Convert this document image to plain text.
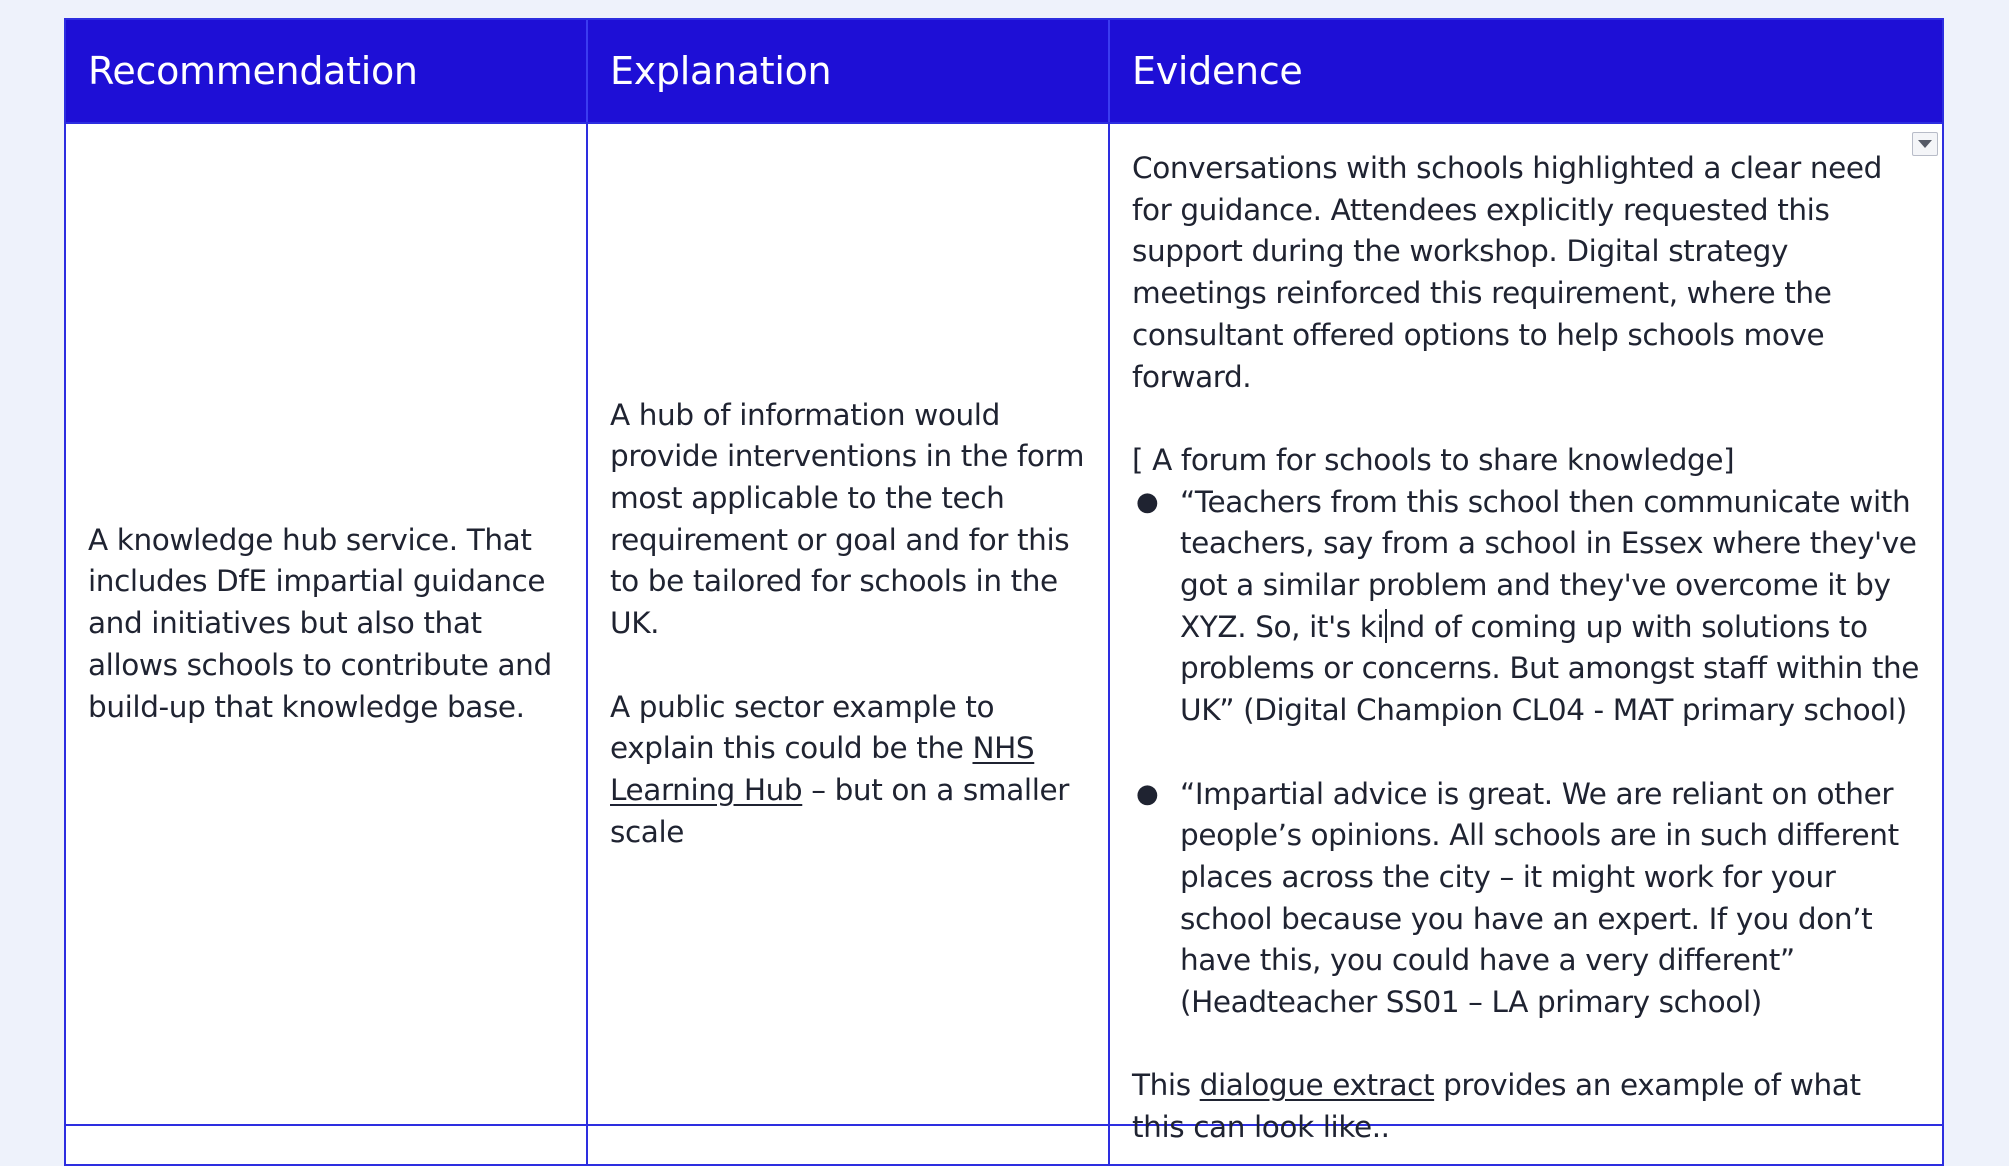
Recommendation	Explanation	Evidence

A knowledge hub service. That includes DfE impartial guidance and initiatives but also that allows schools to contribute and build-up that knowledge base.

A hub of information would provide interventions in the form most applicable to the tech requirement or goal and for this to be tailored for schools in the UK.

A public sector example to explain this could be the NHS Learning Hub – but on a smaller scale

Conversations with schools highlighted a clear need for guidance. Attendees explicitly requested this support during the workshop. Digital strategy meetings reinforced this requirement, where the consultant offered options to help schools move forward.

[ A forum for schools to share knowledge]

● “Teachers from this school then communicate with teachers, say from a school in Essex where they've got a similar problem and they've overcome it by XYZ. So, it's ki nd of coming up with solutions to problems or concerns. But amongst staff within the UK” (Digital Champion CL04 - MAT primary school)
● “Impartial advice is great. We are reliant on other people’s opinions. All schools are in such different places across the city – it might work for your school because you have an expert. If you don’t have this, you could have a very different” (Headteacher SS01 – LA primary school)

This dialogue extract provides an example of what this can look like..
